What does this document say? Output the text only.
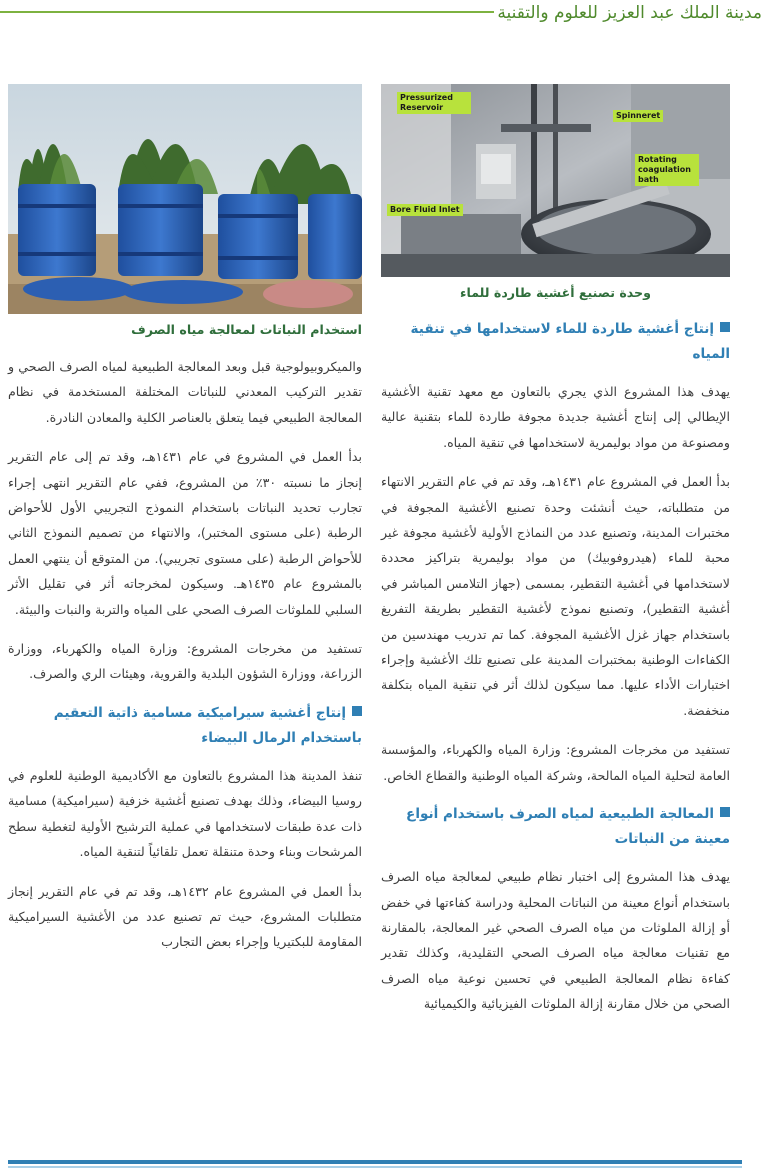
مدينة الملك عبد العزيز للعلوم والتقنية
Pressurized Reservoir
Spinneret
Rotating coagulation bath
Bore Fluid Inlet
وحدة تصنيع أغشية طاردة للماء
إنتاج أغشية طاردة للماء لاستخدامها في تنقية المياه

يهدف هذا المشروع الذي يجري بالتعاون مع معهد تقنية الأغشية الإيطالي إلى إنتاج أغشية جديدة مجوفة طاردة للماء بتقنية عالية ومصنوعة من مواد بوليمرية لاستخدامها في تنقية المياه.

بدأ العمل في المشروع عام ١٤٣١هـ، وقد تم في عام التقرير الانتهاء من متطلباته، حيث أنشئت وحدة تصنيع الأغشية المجوفة في مختبرات المدينة، وتصنيع عدد من النماذج الأولية لأغشية مجوفة غير محبة للماء (هيدروفوبيك) من مواد بوليمرية بتراكيز محددة لاستخدامها في أغشية التقطير، بمسمى (جهاز التلامس المباشر في أغشية التقطير)، وتصنيع نموذج لأغشية التقطير بطريقة التفريغ باستخدام جهاز غزل الأغشية المجوفة. كما تم تدريب مهندسين من الكفاءات الوطنية بمختبرات المدينة على تصنيع تلك الأغشية وإجراء اختبارات الأداء عليها. مما سيكون لذلك أثر في تنقية المياه بتكلفة منخفضة.

تستفيد من مخرجات المشروع: وزارة المياه والكهرباء، والمؤسسة العامة لتحلية المياه المالحة، وشركة المياه الوطنية والقطاع الخاص.

المعالجة الطبيعية لمياه الصرف باستخدام أنواع معينة من النباتات

يهدف هذا المشروع إلى اختبار نظام طبيعي لمعالجة مياه الصرف باستخدام أنواع معينة من النباتات المحلية ودراسة كفاءتها في خفض أو إزالة الملوثات من مياه الصرف الصحي غير المعالجة، بالمقارنة مع تقنيات معالجة مياه الصرف الصحي التقليدية، وكذلك تقدير كفاءة نظام المعالجة الطبيعي في تحسين نوعية مياه الصرف الصحي من خلال مقارنة إزالة الملوثات الفيزيائية والكيميائية

استخدام النباتات لمعالجة مياه الصرف

والميكروبيولوجية قبل وبعد المعالجة الطبيعية لمياه الصرف الصحي و تقدير التركيب المعدني للنباتات المختلفة المستخدمة في نظام المعالجة الطبيعي فيما يتعلق بالعناصر الكلية والمعادن النادرة.

بدأ العمل في المشروع في عام ١٤٣١هـ، وقد تم إلى عام التقرير إنجاز ما نسبته ٣٠٪ من المشروع، ففي عام التقرير انتهى إجراء تجارب تحديد النباتات باستخدام النموذج التجريبي الأول للأحواض الرطبة (على مستوى المختبر)، والانتهاء من تصميم النموذج الثاني للأحواض الرطبة (على مستوى تجريبي). من المتوقع أن ينتهي العمل بالمشروع عام ١٤٣٥هـ. وسيكون لمخرجاته أثر في تقليل الأثر السلبي للملوثات الصرف الصحي على المياه والتربة والنبات والبيئة.

تستفيد من مخرجات المشروع: وزارة المياه والكهرباء، ووزارة الزراعة، ووزارة الشؤون البلدية والقروية، وهيئات الري والصرف.

إنتاج أغشية سيراميكية مسامية ذاتية التعقيم باستخدام الرمال البيضاء

تنفذ المدينة هذا المشروع بالتعاون مع الأكاديمية الوطنية للعلوم في روسيا البيضاء، وذلك بهدف تصنيع أغشية خزفية (سيراميكية) مسامية ذات عدة طبقات لاستخدامها في عملية الترشيح الأولية لتغطية سطح المرشحات وبناء وحدة متنقلة تعمل تلقائياً لتنقية المياه.

بدأ العمل في المشروع عام ١٤٣٢هـ، وقد تم في عام التقرير إنجاز متطلبات المشروع، حيث تم تصنيع عدد من الأغشية السيراميكية المقاومة للبكتيريا وإجراء بعض التجارب
